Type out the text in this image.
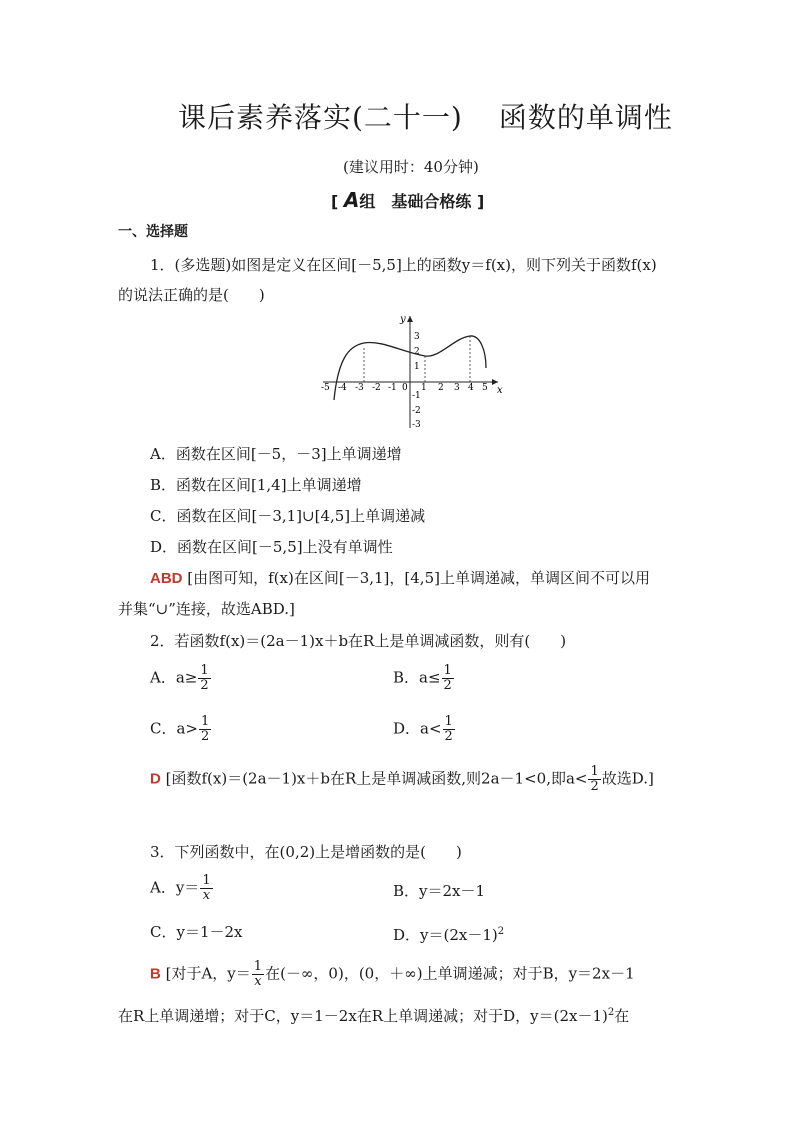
课后素养落实(二十一) 函数的单调性
(建议用时：40分钟)
[ A组　基础合格练 ]
一、选择题
1．(多选题)如图是定义在区间[－5,5]上的函数y＝f(x)，则下列关于函数f(x)
的说法正确的是(　　)
y
x
-5 -4 -3 -2 -1 0 1 2 3 4 5
3
2
1
-1
-2
-3
A．函数在区间[－5，－3]上单调递增
B．函数在区间[1,4]上单调递增
C．函数在区间[－3,1]∪[4,5]上单调递减
D．函数在区间[－5,5]上没有单调性
ABD [由图可知，f(x)在区间[－3,1]，[4,5]上单调递减，单调区间不可以用
并集“∪”连接，故选ABD.]
2．若函数f(x)＝(2a－1)x＋b在R上是单调减函数，则有(　　)
A．$a\ge \frac{1}{2}$	B．$a\le \frac{1}{2}$
C．$a> \frac{1}{2}$	D．$a< \frac{1}{2}$
D [函数f(x)＝(2a－1)x＋b在R上是单调减函数,则2a－1<0,即$a< \frac{1}{2}$ 故选D.]
3．下列函数中，在(0,2)上是增函数的是(　　)
A．$y= \frac{1}{x}$	B．y＝2x－1
C．y＝1－2x	D．$y=(2x-1)^2$
B [对于A，$y= \frac{1}{x}$ 在(－∞，0)，(0，＋∞)上单调递减；对于B，y＝2x－1
在R上单调递增；对于C，y＝1－2x在R上单调递减；对于D，$y=(2x-1)^2$在
